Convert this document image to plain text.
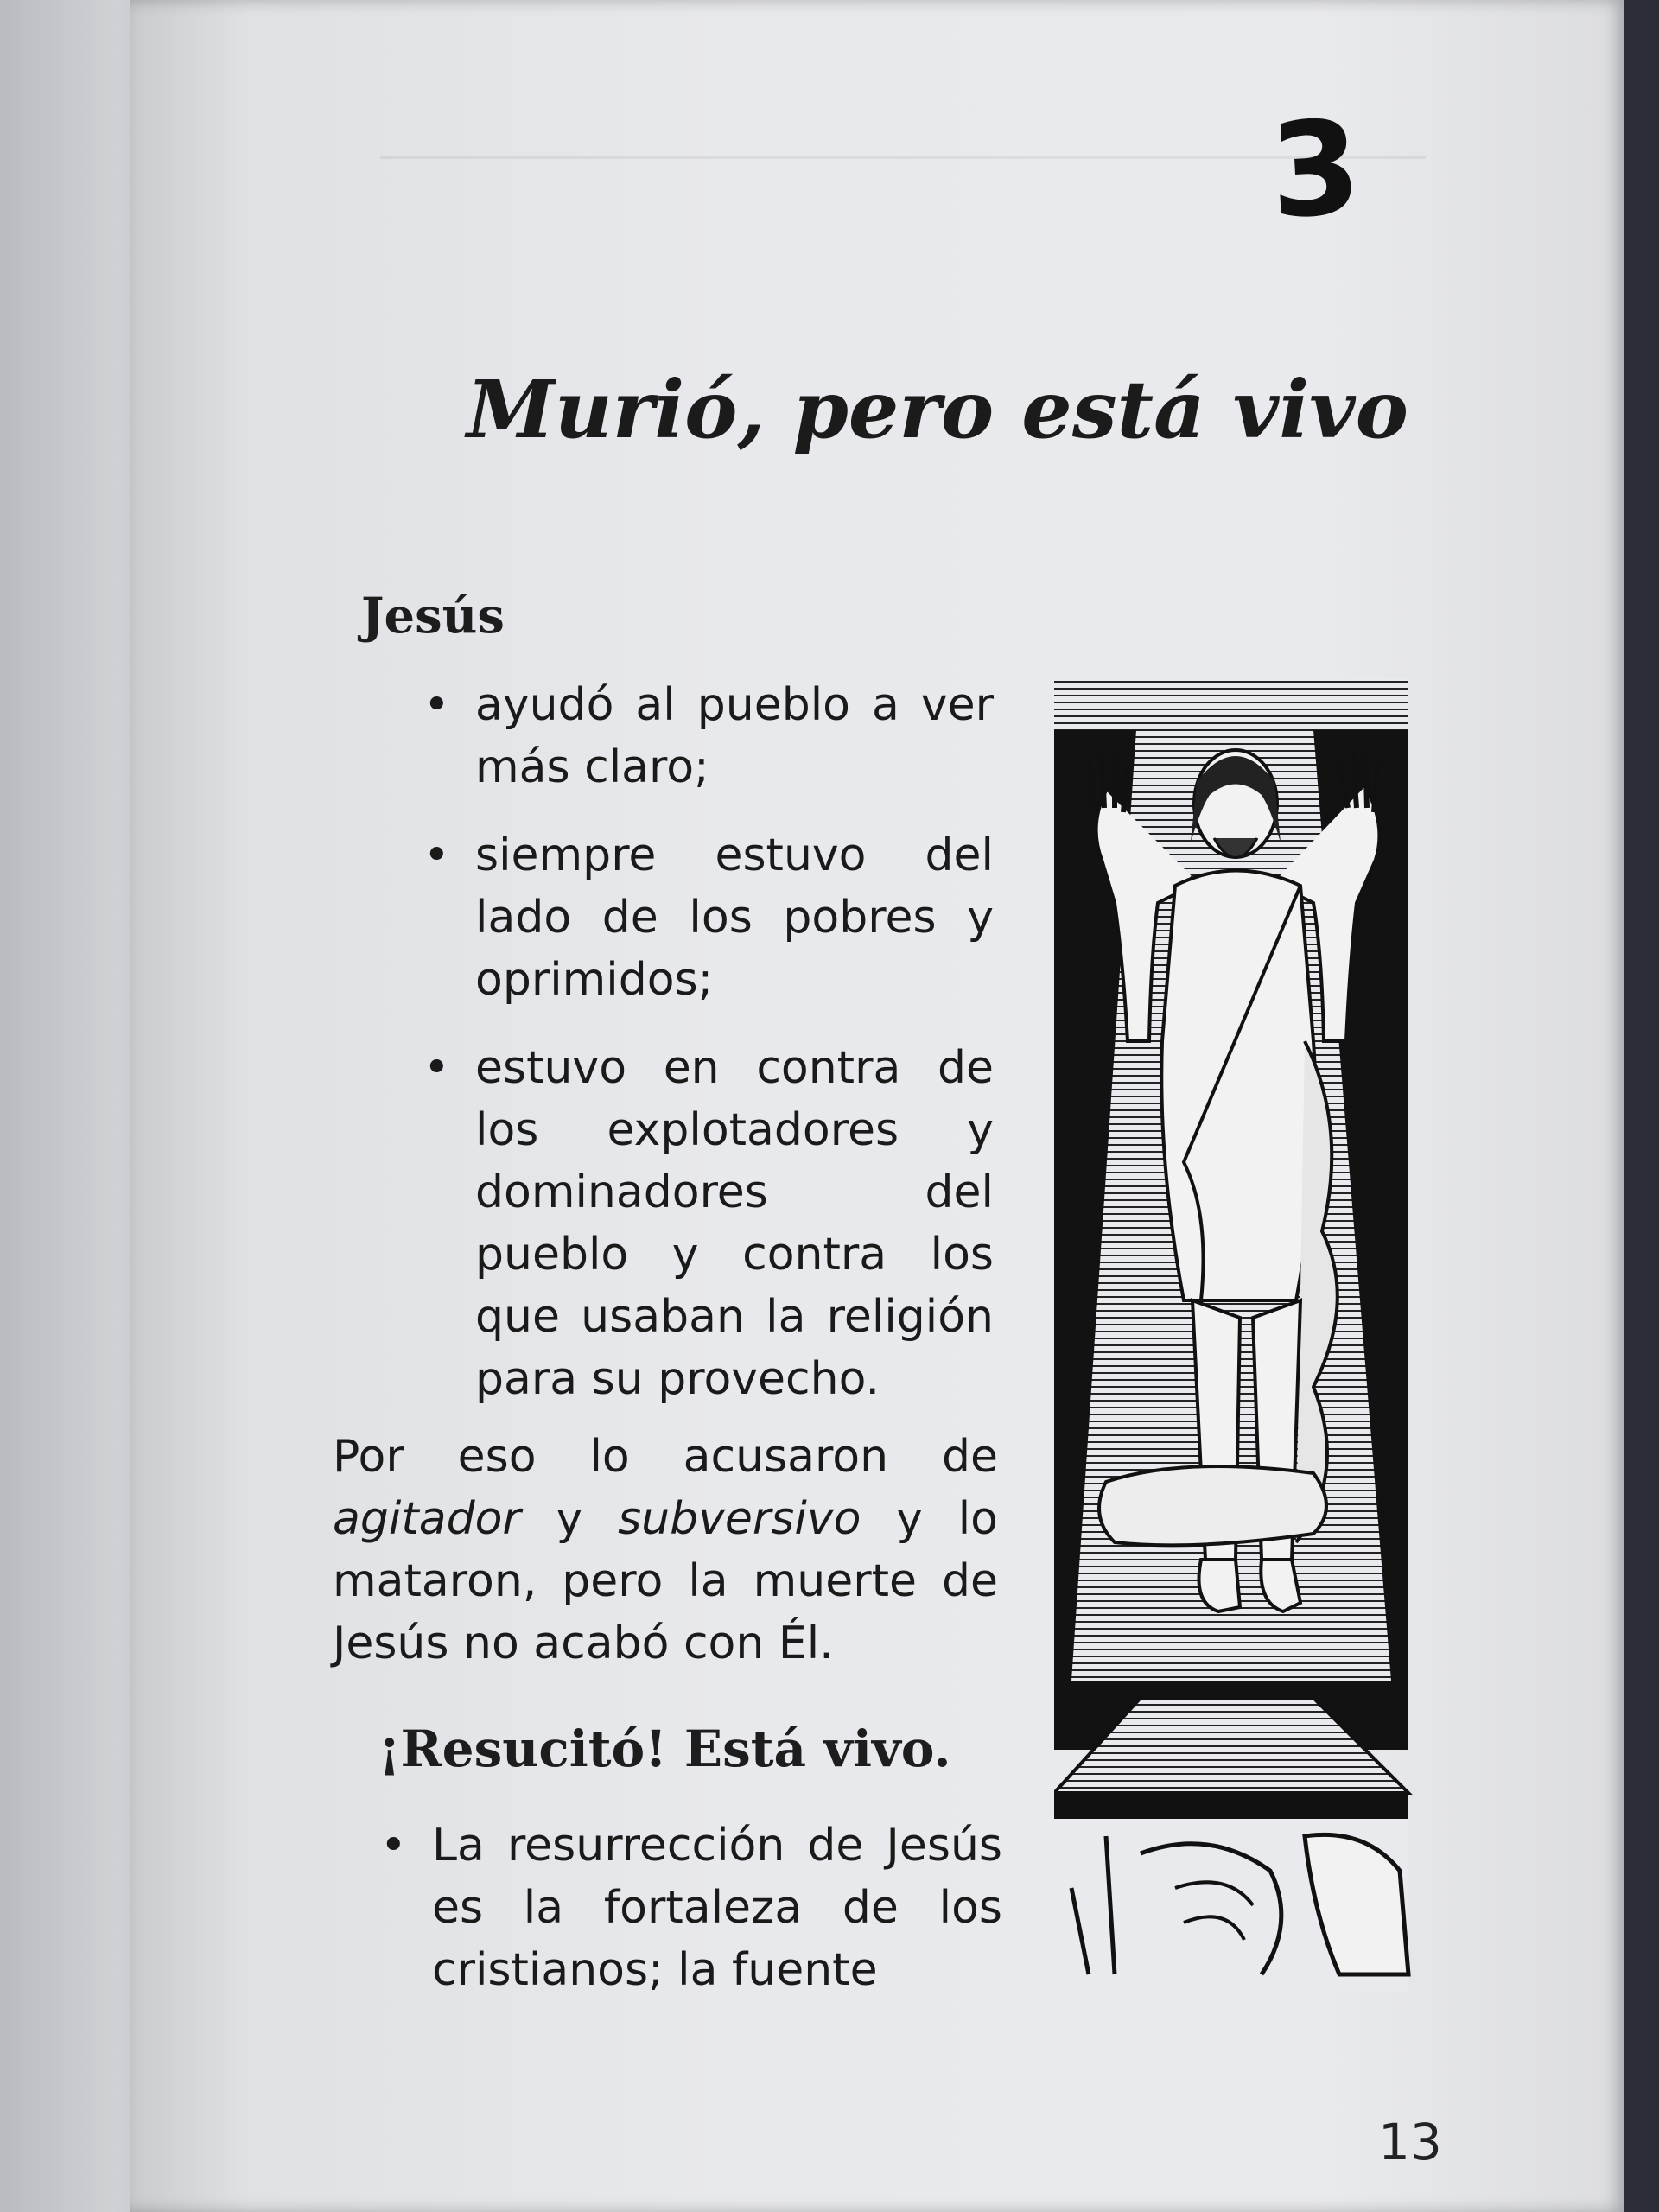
3
Murió, pero está vivo
Jesús
• ayudó al pueblo a ver más claro;
• siempre estuvo del lado de los pobres y oprimidos;
• estuvo en contra de los explotadores y dominadores del pueblo y contra los que usaban la religión para su provecho.

Por eso lo acusaron de agitador y subversivo y lo mataron, pero la muerte de Jesús no acabó con Él.

¡Resucitó! Está vivo.
• La resurrección de Jesús es la fortaleza de los cristianos; la fuente
13
